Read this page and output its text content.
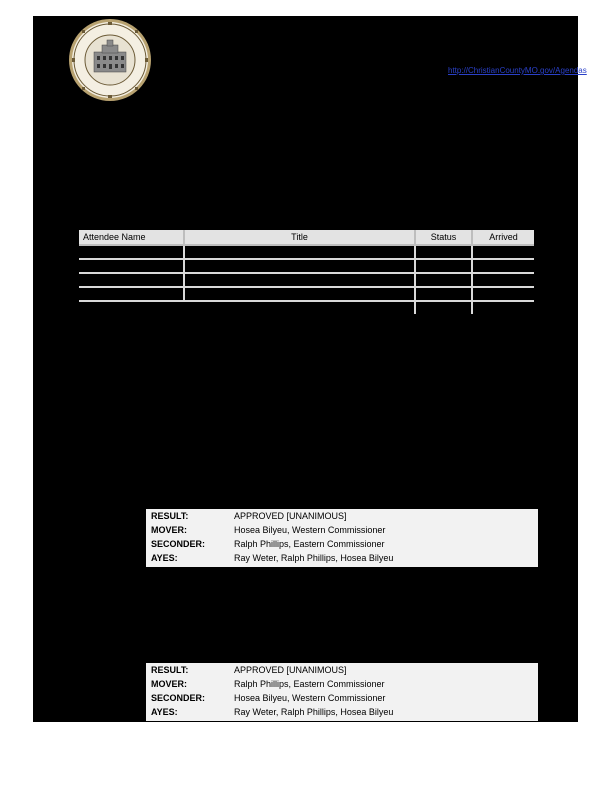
http://ChristianCountyMO.gov/Agendas
Attendee Name	Title	Status	Arrived

RESULT:	APPROVED [UNANIMOUS]
MOVER:	Hosea Bilyeu, Western Commissioner
SECONDER:	Ralph Phillips, Eastern Commissioner
AYES:	Ray Weter, Ralph Phillips, Hosea Bilyeu
RESULT:	APPROVED [UNANIMOUS]
MOVER:	Ralph Phillips, Eastern Commissioner
SECONDER:	Hosea Bilyeu, Western Commissioner
AYES:	Ray Weter, Ralph Phillips, Hosea Bilyeu
